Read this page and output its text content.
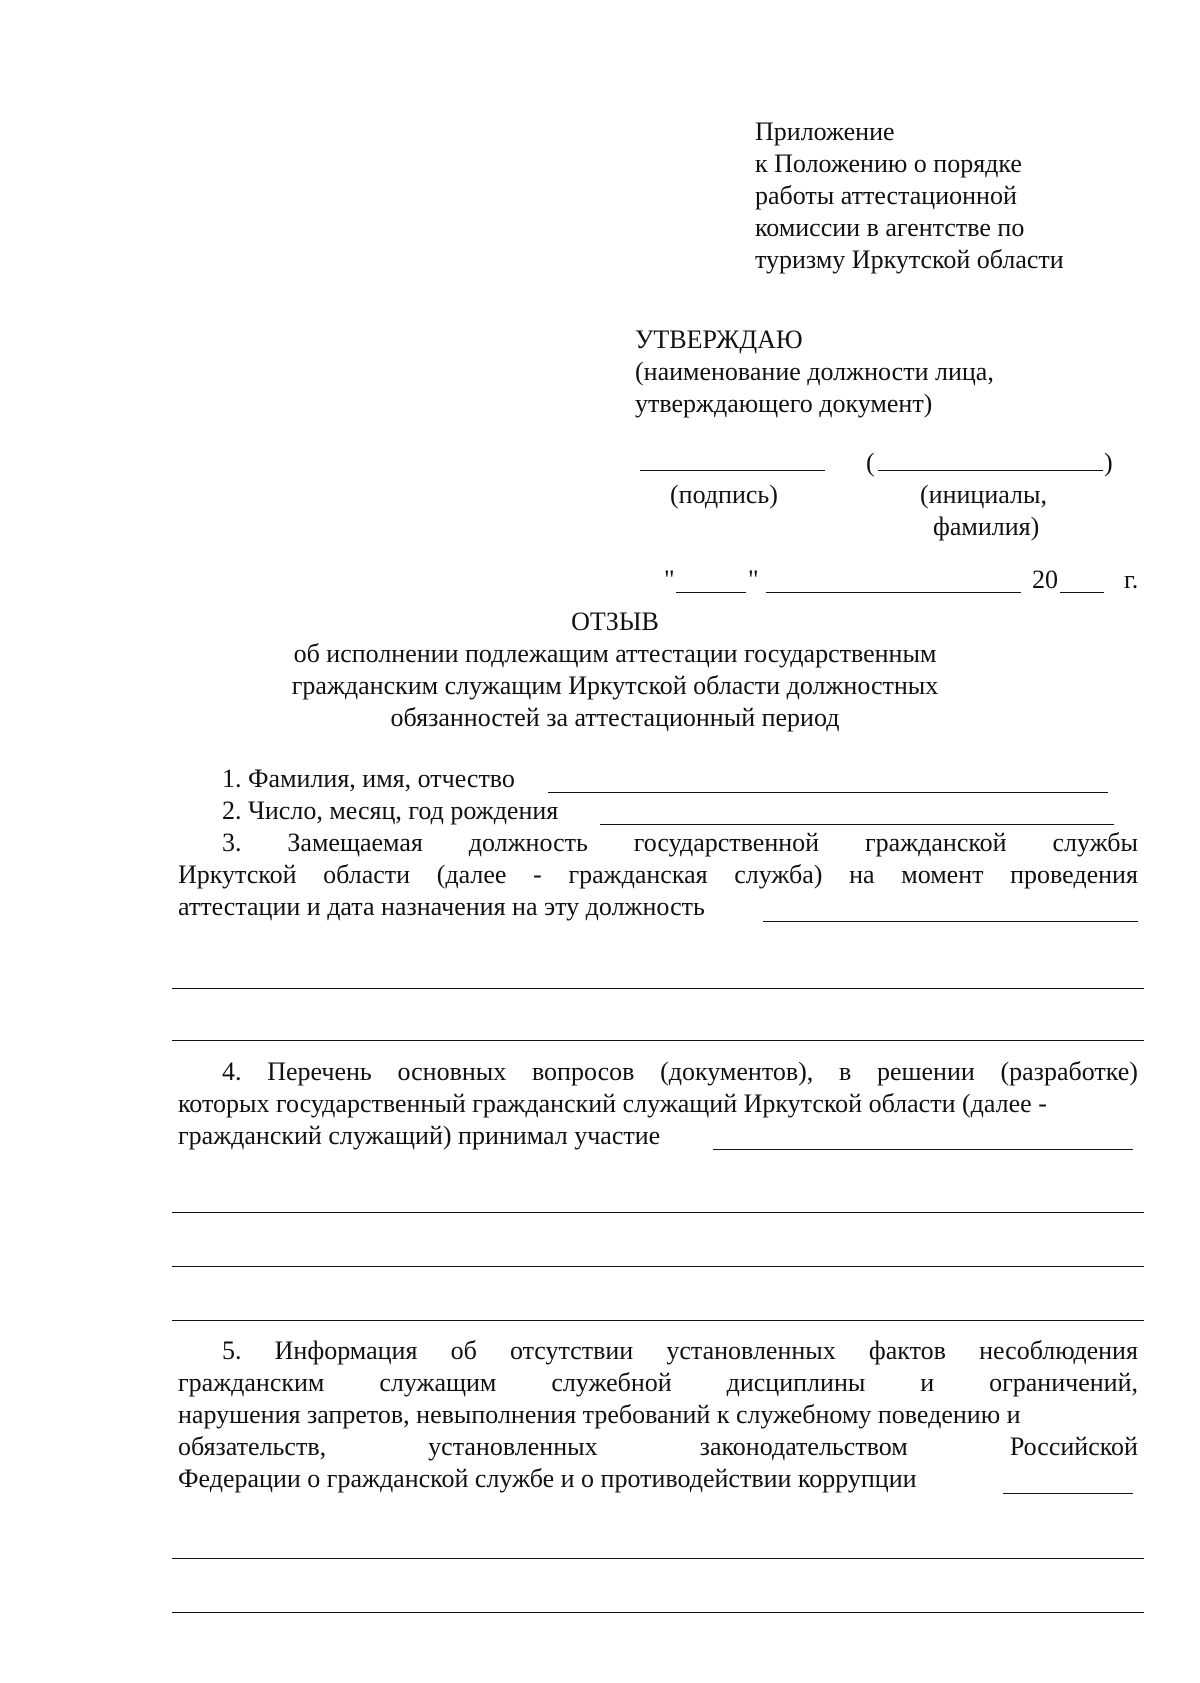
Приложение
к Положению о порядке
работы аттестационной
комиссии в агентстве по
туризму Иркутской области
УТВЕРЖДАЮ
(наименование должности лица,
утверждающего документ)
(	)
(подпись)	(инициалы,
фамилия)
"	"	20	г.
ОТЗЫВ
об исполнении подлежащим аттестации государственным
гражданским служащим Иркутской области должностных
обязанностей за аттестационный период
1. Фамилия, имя, отчество
2. Число, месяц, год рождения
3. Замещаемая должность государственной гражданской службы
Иркутской области (далее - гражданская служба) на момент проведения
аттестации и дата назначения на эту должность
4. Перечень основных вопросов (документов), в решении (разработке)
которых государственный гражданский служащий Иркутской области (далее -
гражданский служащий) принимал участие
5. Информация об отсутствии установленных фактов несоблюдения
гражданским служащим служебной дисциплины и ограничений,
нарушения запретов, невыполнения требований к служебному поведению и
обязательств,	установленных	законодательством	Российской
Федерации о гражданской службе и о противодействии коррупции
